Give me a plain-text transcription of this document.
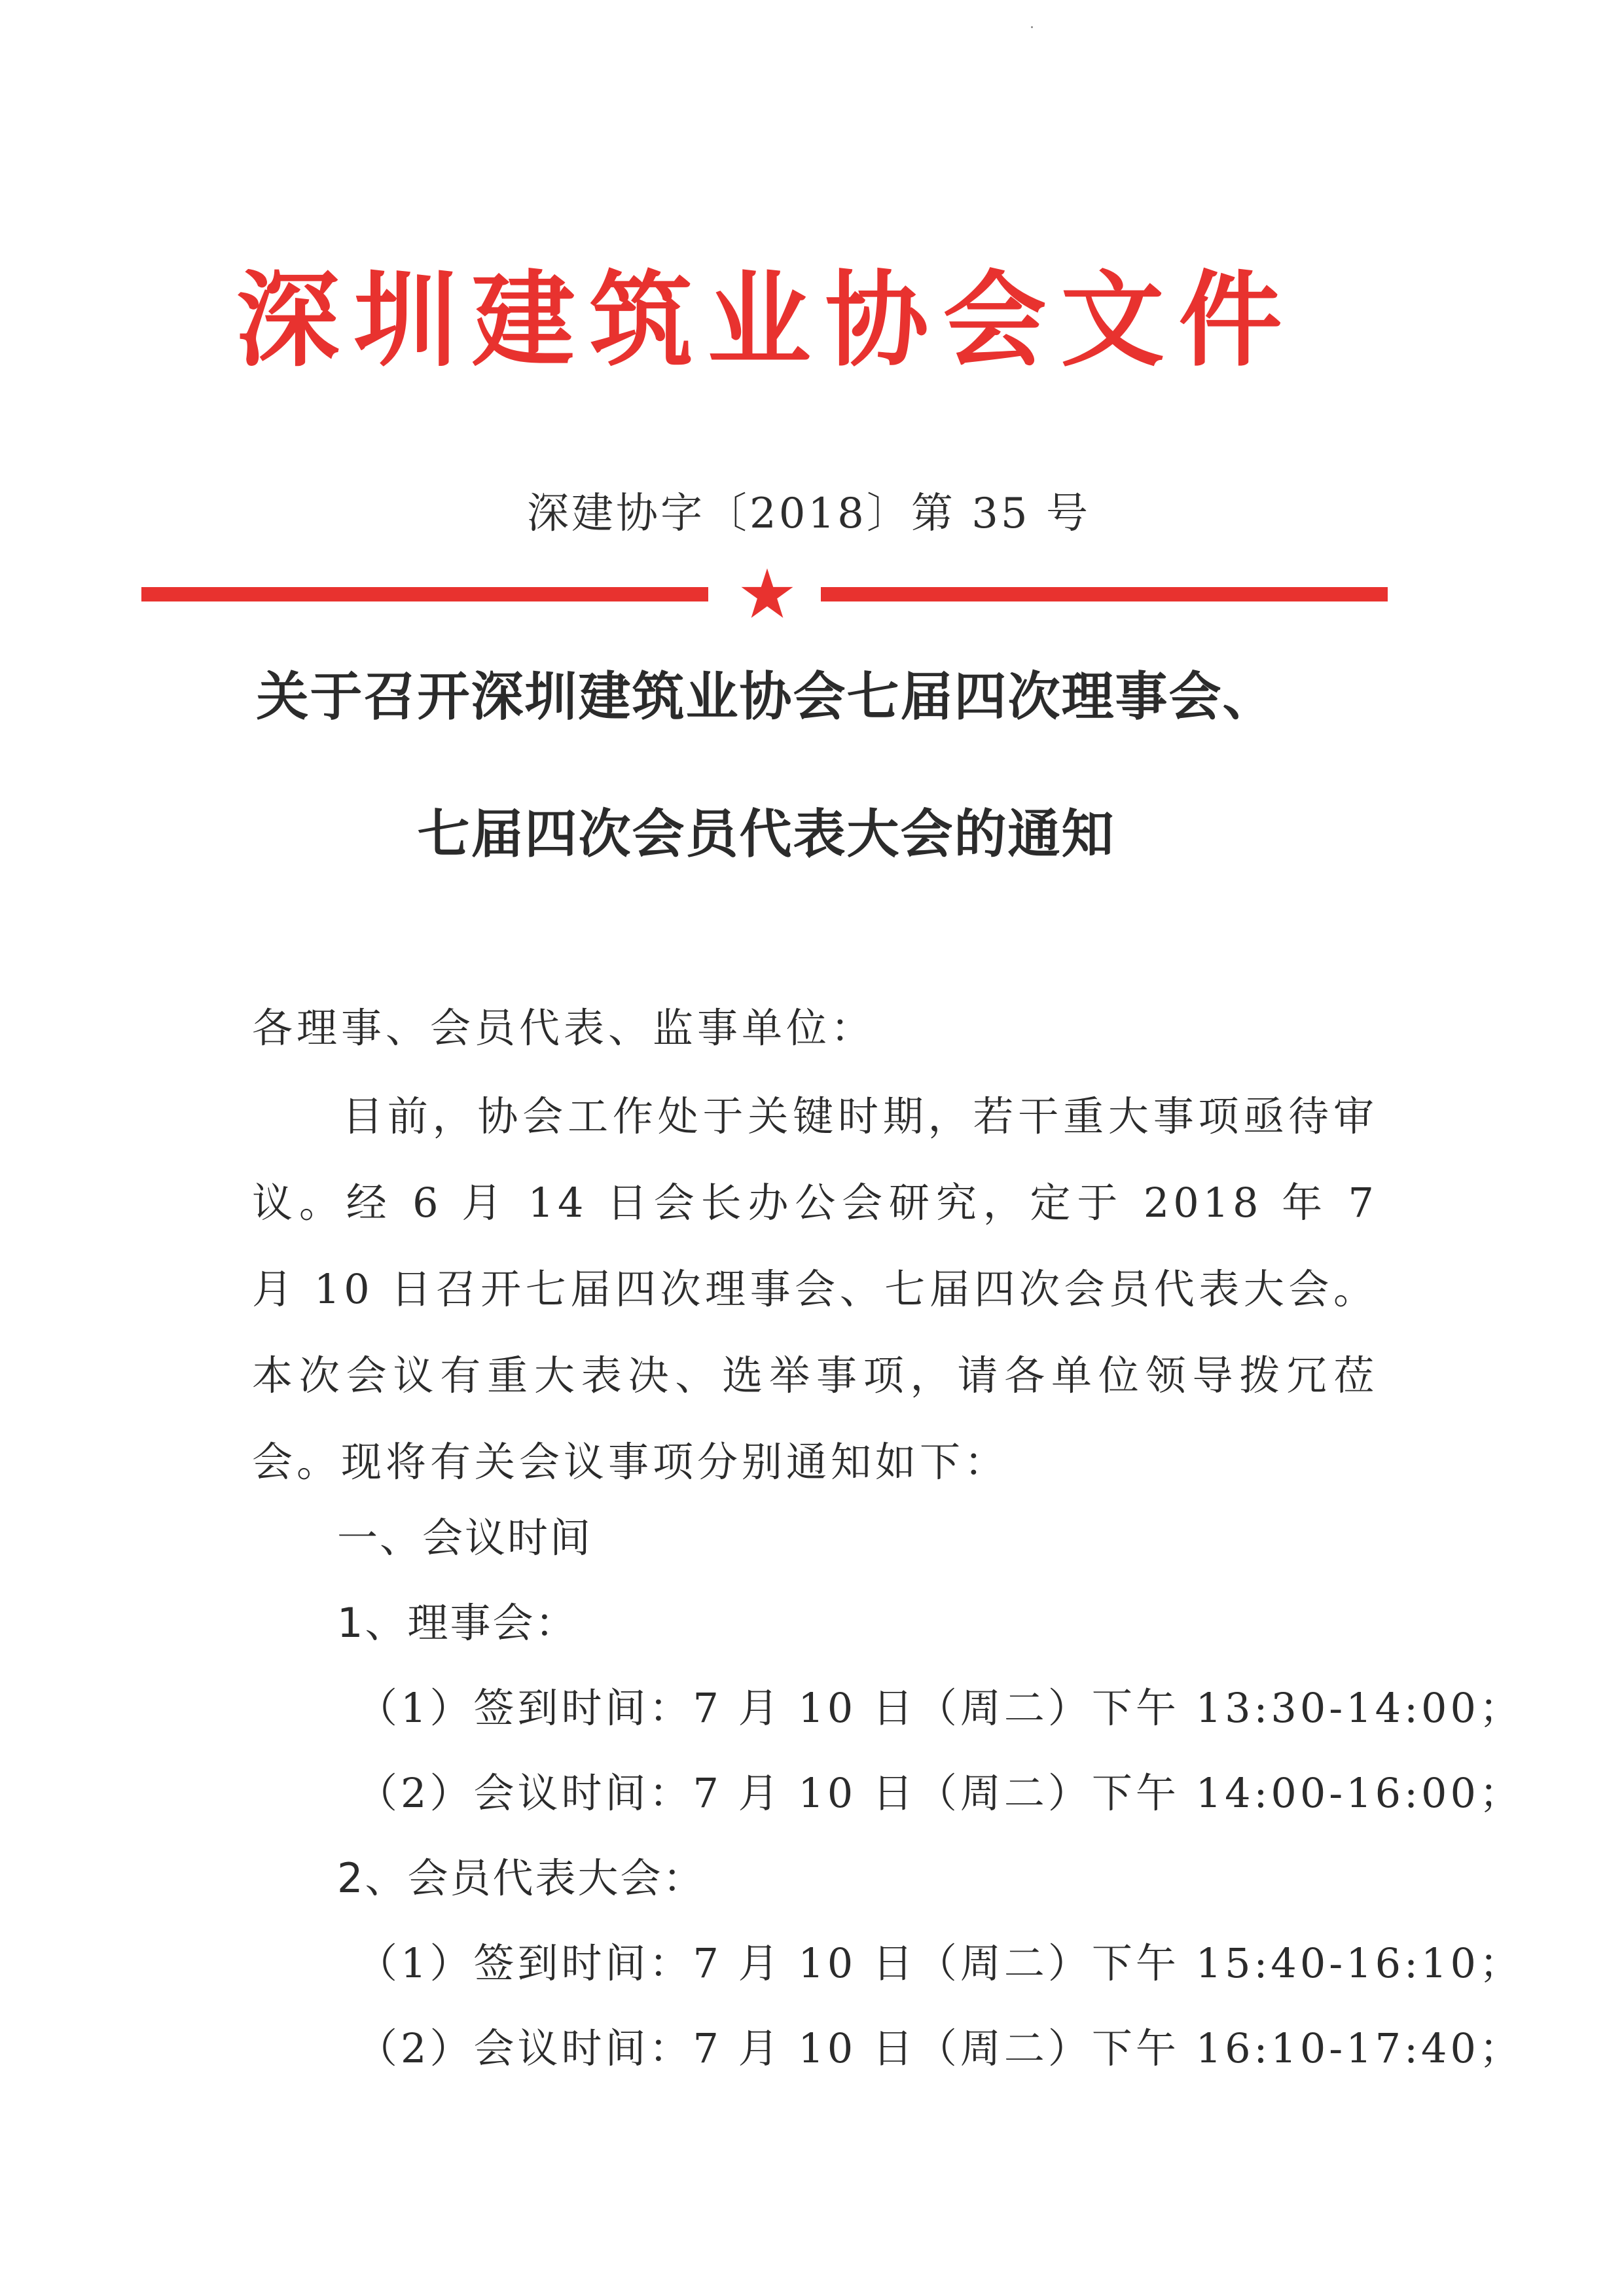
深圳建筑业协会文件
深建协字〔2018〕第 35 号
关于召开深圳建筑业协会七届四次理事会、
七届四次会员代表大会的通知
各理事、会员代表、监事单位：
目前，协会工作处于关键时期，若干重大事项亟待审议。经 6 月 14 日会长办公会研究，定于 2018 年 7 月 10 日召开七届四次理事会、七届四次会员代表大会。本次会议有重大表决、选举事项，请各单位领导拨冗莅会。现将有关会议事项分别通知如下：
一、会议时间
1、理事会：
（1）签到时间：7 月 10 日（周二）下午 13:30-14:00；
（2）会议时间：7 月 10 日（周二）下午 14:00-16:00；
2、会员代表大会：
（1）签到时间：7 月 10 日（周二）下午 15:40-16:10；
（2）会议时间：7 月 10 日（周二）下午 16:10-17:40；
